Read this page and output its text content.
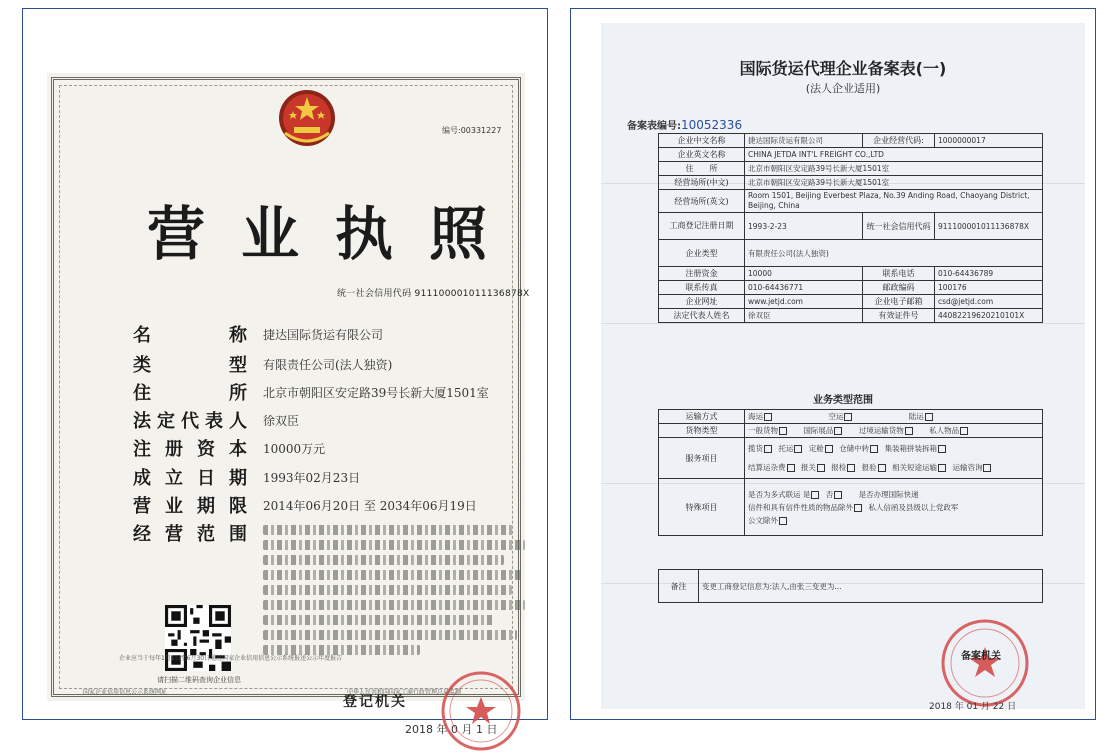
编号:00331227
营 业 执 照
统一社会信用代码 911100001011136878X
名	称 捷达国际货运有限公司
类	型 有限责任公司(法人独资)
住	所 北京市朝阳区安定路39号长新大厦1501室
法 定 代 表 人 徐双臣
注 册 资 本 10000万元
成 立 日 期 1993年02月23日
营 业 期 限 2014年06月20日 至 2034年06月19日
经 营 范 围
请扫描二维码查询企业信息
企业应当于每年1月1日至6月30日通过国家企业信用信息公示系统报送公示年度报告
登记机关
2018 年 0 月 1 日
国家企业信用信息公示系统网址	中华人民共和国国家工商行政管理总局监制
国际货运代理企业备案表(一)
(法人企业适用)
备案表编号:10052336
企业中文名称	捷达国际货运有限公司	企业经营代码:	1000000017
企业英文名称	CHINA JETDA INT'L FREIGHT CO.,LTD		
住　　所	北京市朝阳区安定路39号长新大厦1501室		
经营场所(中文)	北京市朝阳区安定路39号长新大厦1501室		
经营场所(英文)	Room 1501, Beijing Everbest Plaza, No.39 Anding Road, Chaoyang District, Beijing, China		
工商登记注册日期	1993-2-23	统一社会信用代码	911100001011136878X
企业类型	有限责任公司(法人独资)		
注册资金	10000	联系电话	010-64436789
联系传真	010-64436771	邮政编码	100176
企业网址	www.jetjd.com	企业电子邮箱	csd@jetjd.com
法定代表人姓名	徐双臣	有效证件号	44082219620210101X
业务类型范围
运输方式	海运 空运 陆运
货物类型	一般货物 国际展品 过境运输货物 私人物品
服务项目	揽货 托运 定舱 仓储中转 集装箱拼装拆箱
结算运杂费 报关 报检 报验 相关短途运输 运输咨询

特殊项目	是否为多式联运 是 否 是否办理国际快递
信件和具有信件性质的物品除外 私人信函及县级以上党政军
公文除外
备注	变更工商登记信息为:法人,由张三变更为...
备案机关
2018 年 01 月 22 日
